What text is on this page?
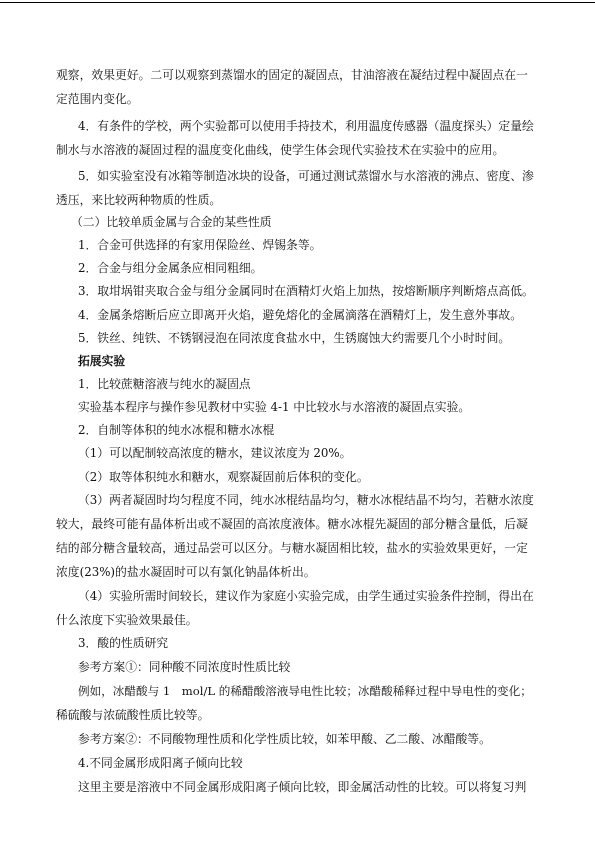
观察，效果更好。二可以观察到蒸馏水的固定的凝固点，甘油溶液在凝结过程中凝固点在一
定范围内变化。
4．有条件的学校，两个实验都可以使用手持技术，利用温度传感器（温度探头）定量绘
制水与水溶液的凝固过程的温度变化曲线，使学生体会现代实验技术在实验中的应用。
5．如实验室没有冰箱等制造冰块的设备，可通过测试蒸馏水与水溶液的沸点、密度、渗
透压，来比较两种物质的性质。
（二）比较单质金属与合金的某些性质
1．合金可供选择的有家用保险丝、焊锡条等。
2．合金与组分金属条应相同粗细。
3．取坩埚钳夹取合金与组分金属同时在酒精灯火焰上加热，按熔断顺序判断熔点高低。
4．金属条熔断后应立即离开火焰，避免熔化的金属滴落在酒精灯上，发生意外事故。
5．铁丝、纯铁、不锈钢浸泡在同浓度食盐水中，生锈腐蚀大约需要几个小时时间。
拓展实验
1．比较蔗糖溶液与纯水的凝固点
实验基本程序与操作参见教材中实验 4-1 中比较水与水溶液的凝固点实验。
2．自制等体积的纯水冰棍和糖水冰棍
（1）可以配制较高浓度的糖水，建议浓度为 20%。
（2）取等体积纯水和糖水，观察凝固前后体积的变化。
（3）两者凝固时均匀程度不同，纯水冰棍结晶均匀，糖水冰棍结晶不均匀，若糖水浓度
较大，最终可能有晶体析出或不凝固的高浓度液体。糖水冰棍先凝固的部分糖含量低，后凝
结的部分糖含量较高，通过品尝可以区分。与糖水凝固相比较，盐水的实验效果更好，一定
浓度(23%)的盐水凝固时可以有氯化钠晶体析出。
（4）实验所需时间较长，建议作为家庭小实验完成，由学生通过实验条件控制，得出在
什么浓度下实验效果最佳。
3．酸的性质研究
参考方案①：同种酸不同浓度时性质比较
例如，冰醋酸与 1　mol/L 的稀醋酸溶液导电性比较；冰醋酸稀释过程中导电性的变化；
稀硫酸与浓硫酸性质比较等。
参考方案②：不同酸物理性质和化学性质比较，如苯甲酸、乙二酸、冰醋酸等。
4.不同金属形成阳离子倾向比较
这里主要是溶液中不同金属形成阳离子倾向比较，即金属活动性的比较。可以将复习判
